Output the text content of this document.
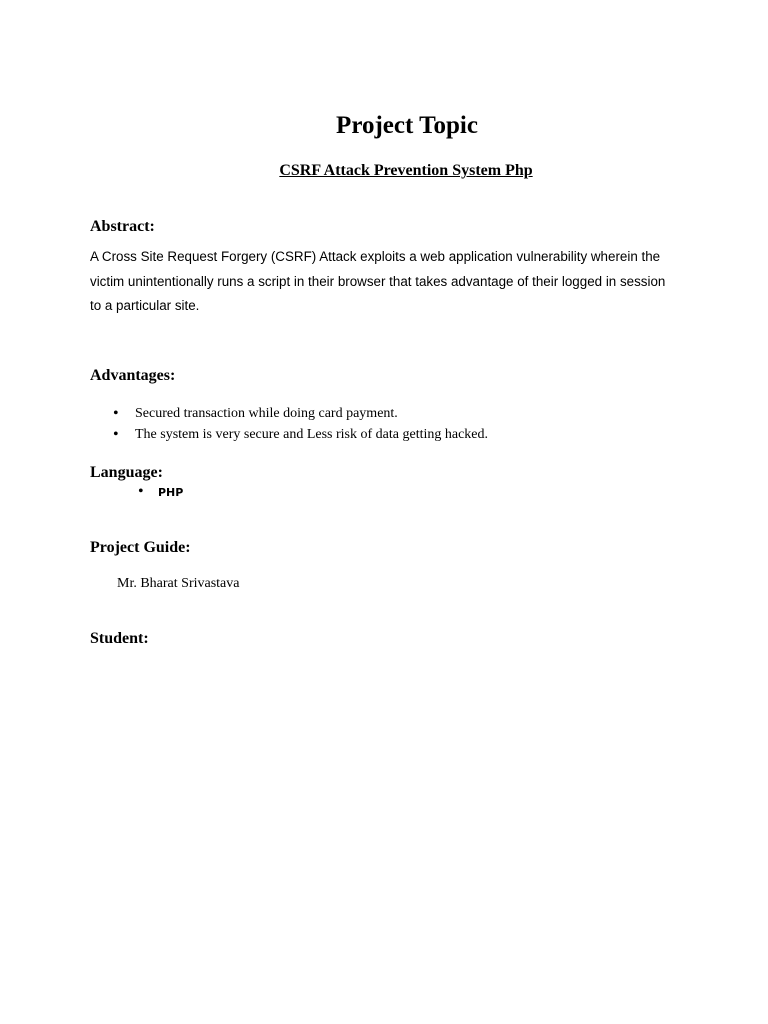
Project Topic
CSRF Attack Prevention System Php
Abstract:

A Cross Site Request Forgery (CSRF) Attack exploits a web application vulnerability wherein the victim unintentionally runs a script in their browser that takes advantage of their logged in session to a particular site.

Advantages:
• Secured transaction while doing card payment.
• The system is very secure and Less risk of data getting hacked.
Language:
• PHP
Project Guide:

Mr. Bharat Srivastava

Student:
